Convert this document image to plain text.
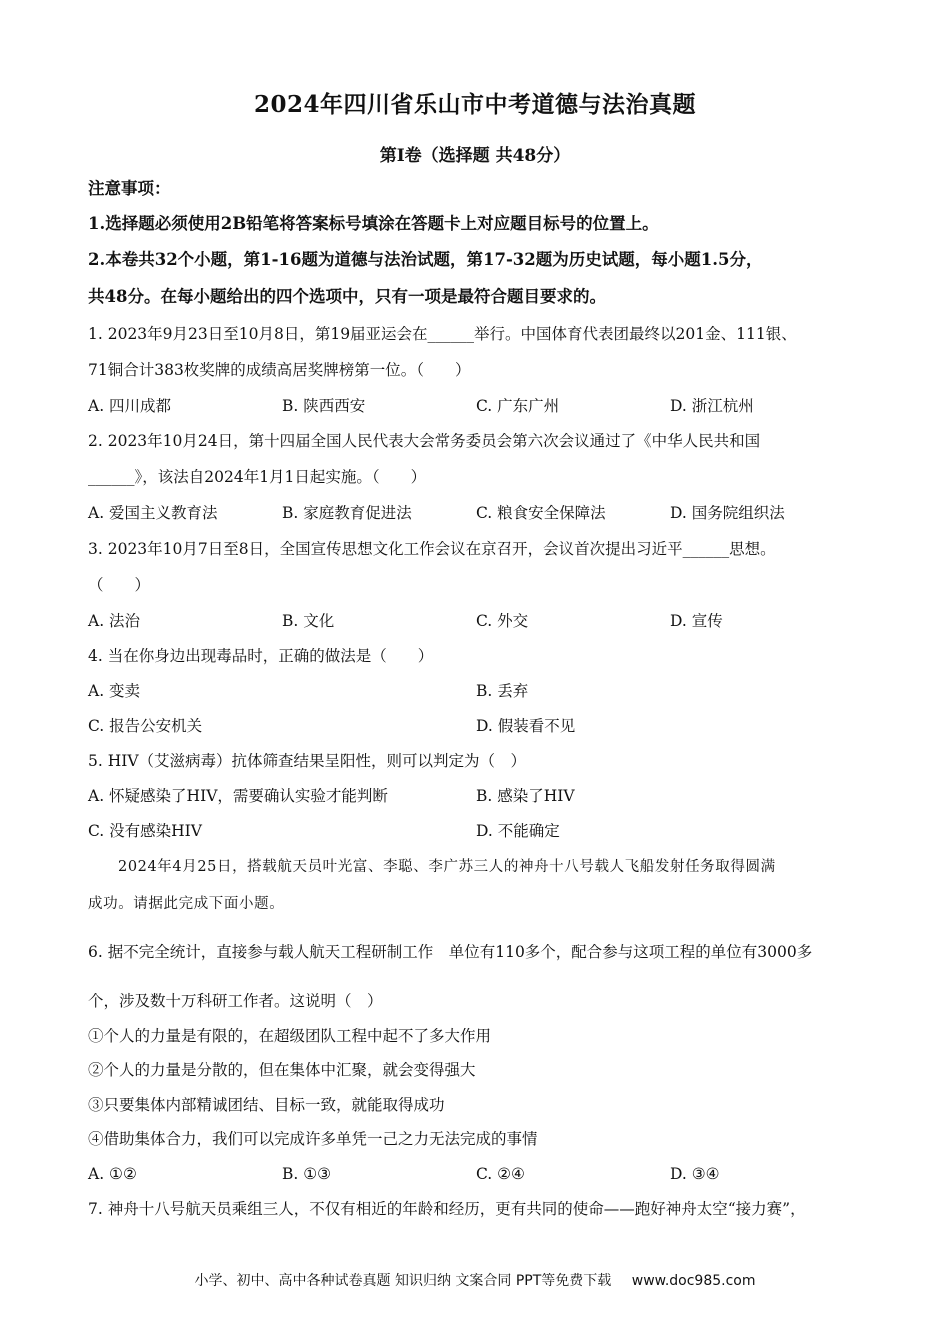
2024年四川省乐山市中考道德与法治真题
第Ⅰ卷（选择题 共48分）
注意事项：
1.选择题必须使用2B铅笔将答案标号填涂在答题卡上对应题目标号的位置上。
2.本卷共32个小题，第1-16题为道德与法治试题，第17-32题为历史试题，每小题1.5分，
共48分。在每小题给出的四个选项中，只有一项是最符合题目要求的。
1. 2023年9月23日至10月8日，第19届亚运会在______举行。中国体育代表团最终以201金、111银、
71铜合计383枚奖牌的成绩高居奖牌榜第一位。（　　）
A. 四川成都	B. 陕西西安	C. 广东广州	D. 浙江杭州
2. 2023年10月24日，第十四届全国人民代表大会常务委员会第六次会议通过了《中华人民共和国
______》，该法自2024年1月1日起实施。（　　）
A. 爱国主义教育法	B. 家庭教育促进法	C. 粮食安全保障法	D. 国务院组织法
3. 2023年10月7日至8日，全国宣传思想文化工作会议在京召开，会议首次提出习近平______思想。
（　　）
A. 法治	B. 文化	C. 外交	D. 宣传
4. 当在你身边出现毒品时，正确的做法是（　　）
A. 变卖	B. 丢弃
C. 报告公安机关	D. 假装看不见
5. HIV（艾滋病毒）抗体筛查结果呈阳性，则可以判定为（　）
A. 怀疑感染了HIV，需要确认实验才能判断	B. 感染了HIV
C. 没有感染HIV	D. 不能确定
2024年4月25日，搭载航天员叶光富、李聪、李广苏三人的神舟十八号载人飞船发射任务取得圆满
成功。请据此完成下面小题。
6. 据不完全统计，直接参与载人航天工程研制工作　单位有110多个，配合参与这项工程的单位有3000多
个，涉及数十万科研工作者。这说明（　）
①个人的力量是有限的，在超级团队工程中起不了多大作用
②个人的力量是分散的，但在集体中汇聚，就会变得强大
③只要集体内部精诚团结、目标一致，就能取得成功
④借助集体合力，我们可以完成许多单凭一己之力无法完成的事情
A. ①②	B. ①③	C. ②④	D. ③④
7. 神舟十八号航天员乘组三人，不仅有相近的年龄和经历，更有共同的使命——跑好神舟太空“接力赛”，
小学、初中、高中各种试卷真题 知识归纳 文案合同 PPT等免费下载 www.doc985.com
